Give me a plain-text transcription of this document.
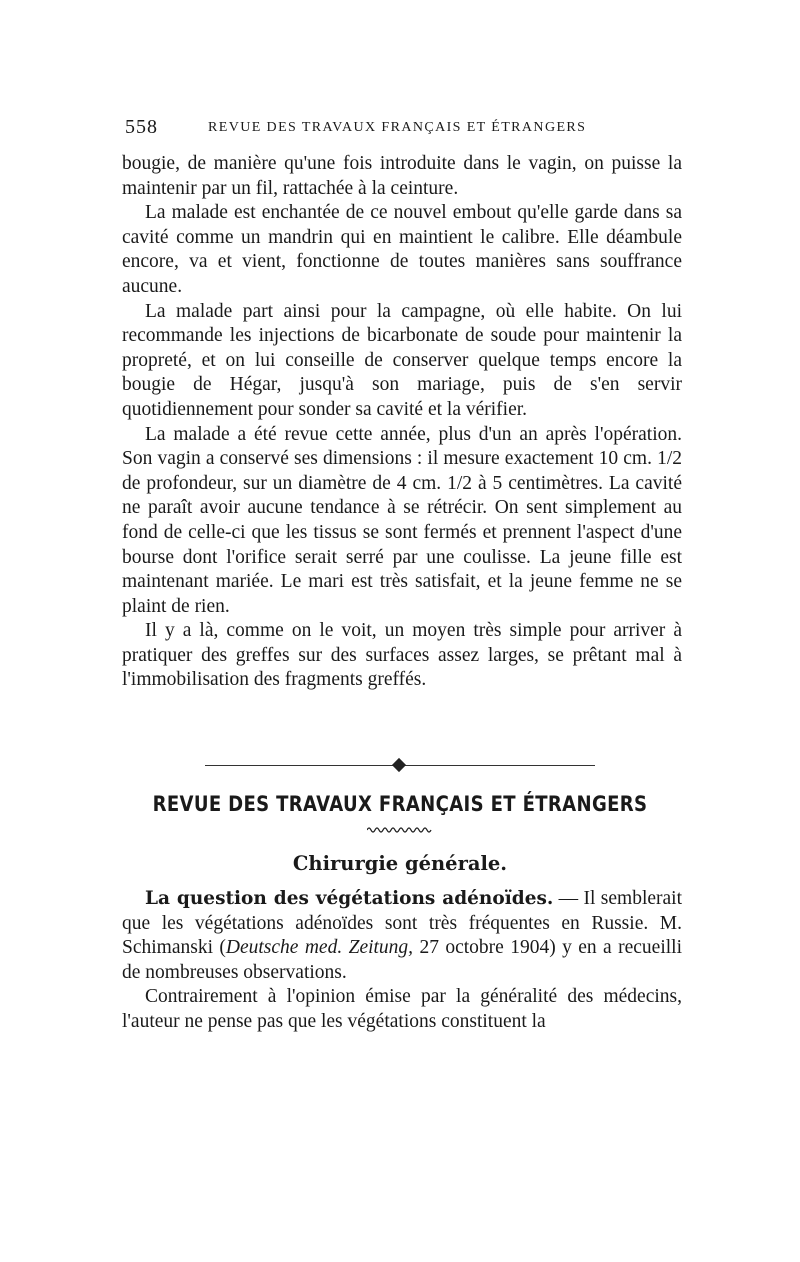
558	REVUE DES TRAVAUX FRANÇAIS ET ÉTRANGERS

bougie, de manière qu'une fois introduite dans le vagin, on puisse la maintenir par un fil, rattachée à la ceinture.

La malade est enchantée de ce nouvel embout qu'elle garde dans sa cavité comme un mandrin qui en maintient le calibre. Elle déambule encore, va et vient, fonctionne de toutes manières sans souffrance aucune.

La malade part ainsi pour la campagne, où elle habite. On lui recommande les injections de bicarbonate de soude pour maintenir la propreté, et on lui conseille de conserver quelque temps encore la bougie de Hégar, jusqu'à son mariage, puis de s'en servir quotidiennement pour sonder sa cavité et la vérifier.

La malade a été revue cette année, plus d'un an après l'opération. Son vagin a conservé ses dimensions : il mesure exactement 10 cm. 1/2 de profondeur, sur un diamètre de 4 cm. 1/2 à 5 centimètres. La cavité ne paraît avoir aucune tendance à se rétrécir. On sent simplement au fond de celle-ci que les tissus se sont fermés et prennent l'aspect d'une bourse dont l'orifice serait serré par une coulisse. La jeune fille est maintenant mariée. Le mari est très satisfait, et la jeune femme ne se plaint de rien.

Il y a là, comme on le voit, un moyen très simple pour arriver à pratiquer des greffes sur des surfaces assez larges, se prêtant mal à l'immobilisation des fragments greffés.

REVUE DES TRAVAUX FRANÇAIS ET ÉTRANGERS
Chirurgie générale.

La question des végétations adénoïdes. — Il semblerait que les végétations adénoïdes sont très fréquentes en Russie. M. Schimanski (Deutsche med. Zeitung, 27 octobre 1904) y en a recueilli de nombreuses observations.

Contrairement à l'opinion émise par la généralité des médecins, l'auteur ne pense pas que les végétations constituent la
